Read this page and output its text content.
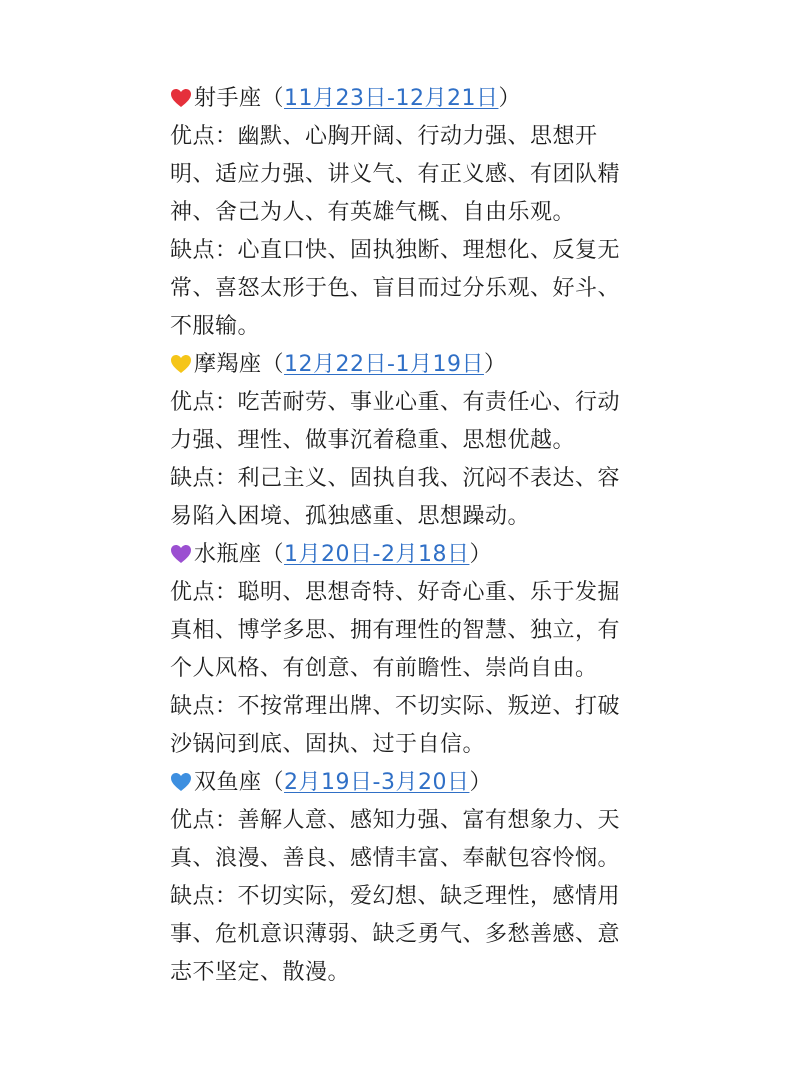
射手座（11月23日-12月21日）
优点：幽默、心胸开阔、行动力强、思想开
明、适应力强、讲义气、有正义感、有团队精
神、舍己为人、有英雄气概、自由乐观。
缺点：心直口快、固执独断、理想化、反复无
常、喜怒太形于色、盲目而过分乐观、好斗、
不服输。
摩羯座（12月22日-1月19日）
优点：吃苦耐劳、事业心重、有责任心、行动
力强、理性、做事沉着稳重、思想优越。
缺点：利己主义、固执自我、沉闷不表达、容
易陷入困境、孤独感重、思想躁动。
水瓶座（1月20日-2月18日）
优点：聪明、思想奇特、好奇心重、乐于发掘
真相、博学多思、拥有理性的智慧、独立，有
个人风格、有创意、有前瞻性、崇尚自由。
缺点：不按常理出牌、不切实际、叛逆、打破
沙锅问到底、固执、过于自信。
双鱼座（2月19日-3月20日）
优点：善解人意、感知力强、富有想象力、天
真、浪漫、善良、感情丰富、奉献包容怜悯。
缺点：不切实际，爱幻想、缺乏理性，感情用
事、危机意识薄弱、缺乏勇气、多愁善感、意
志不坚定、散漫。
